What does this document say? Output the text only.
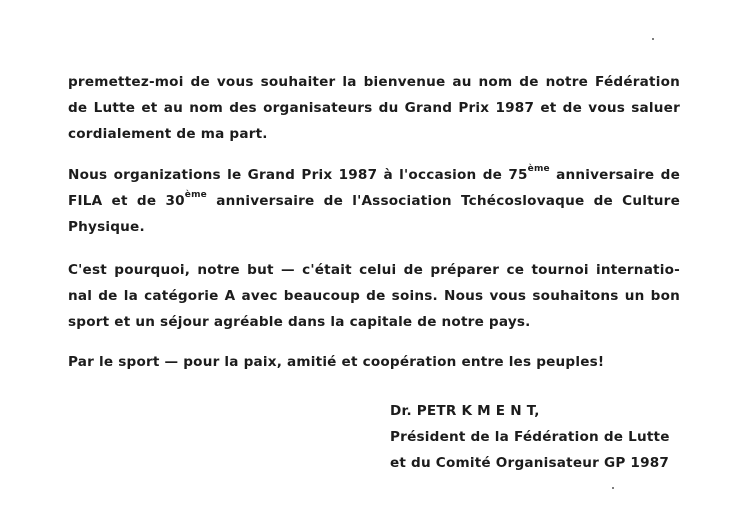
premettez-moi de vous souhaiter la bienvenue au nom de notre Fédération
de Lutte et au nom des organisateurs du Grand Prix 1987 et de vous saluer
cordialement de ma part.
Nous organizations le Grand Prix 1987 à l'occasion de 75ème anniversaire de
FILA et de 30ème anniversaire de l'Association Tchécoslovaque de Culture
Physique.
C'est pourquoi, notre but — c'était celui de préparer ce tournoi internatio-
nal de la catégorie A avec beaucoup de soins. Nous vous souhaitons un bon
sport et un séjour agréable dans la capitale de notre pays.
Par le sport — pour la paix, amitié et coopération entre les peuples!
Dr. PETR K M E N T,
Président de la Fédération de Lutte
et du Comité Organisateur GP 1987
